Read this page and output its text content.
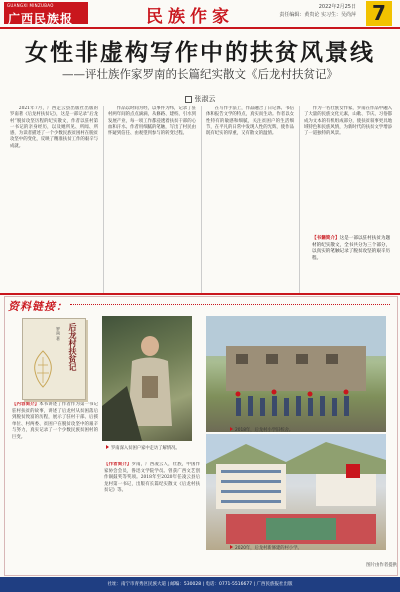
GUANGXI MINZUBAO
广西民族报	民族作家	2022年2月25日
责任编辑：黄贵论 实习生：吴尚萍 7
女性非虚构写作中的扶贫风景线
——评壮族作家罗南的长篇纪实散文《后龙村扶贫记》
张淑云

2021年7月，广西走云县出版社出版的罗南著《后龙村扶贫记》，这是一部记录“后龙村”脱贫攻坚历程的纪实散文，作者以驻村第一书记的亲身经历，以及她所见、所闻、所感，为读者描述了一个少数民族贫困村在脱贫攻坚中的变化，反映了精准扶贫工作的艰辛与成就。

作品以时间为经，以事件为纬，记录了驻村两年间的点点滴滴，从修路、建校、引水到发展产业，每一项工作都浸透着扶贫干部的心血和汗水。作者用细腻的笔触，写出了村民由怀疑到信任、由观望到参与的转变过程。

在写作手法上，作品融合了日记体、书信体和报告文学的特点，真实而生动。作者以女性特有的敏感和细腻，关注贫困户的生活细节，在平凡的日常中发现人性的光辉，使作品既有纪实的厚重，又有散文的温情。

作为一名壮族女作家，罗南在作品中融入了大量的民族文化元素，山歌、节庆、习俗都成为文本的有机组成部分，使扶贫叙事更具地域特色和民族风情，为新时代的扶贫文学增添了一道独特的风景。

资料链接：
后龙村扶贫记
罗南 著
罗南深入贫困户家中走访了解情况。
2018年，后龙村小学旧校舍。
2020年，后龙村新修建的村小学。
【内容简介】本书讲述了作者作为第一书记驻村扶贫的故事，讲述了后龙村从贫困落后到脱贫致富的历程，展示了驻村干部、后援单位、村两委、贫困户在脱贫攻坚中的艰辛与努力，真实记录了一个少数民族贫困村的巨变。
【作者简介】罗南，广西凌云人，壮族，中国作家协会会员，鲁迅文学院学员。曾获广西文艺创作铜鼓奖等奖项。2018年至2020年任凌云县后龙村第一书记，出版有长篇纪实散文《后龙村扶贫记》等。
【书籍简介】这是一部以驻村扶贫为题材的纪实散文，全书共分为三个部分，以真实的笔触记录了脱贫攻坚的艰辛历程。
图片由作者提供
社址：南宁市青秀区民族大道 | 邮编：530028 | 电话：0771-5516677 | 广西民族报社出版
